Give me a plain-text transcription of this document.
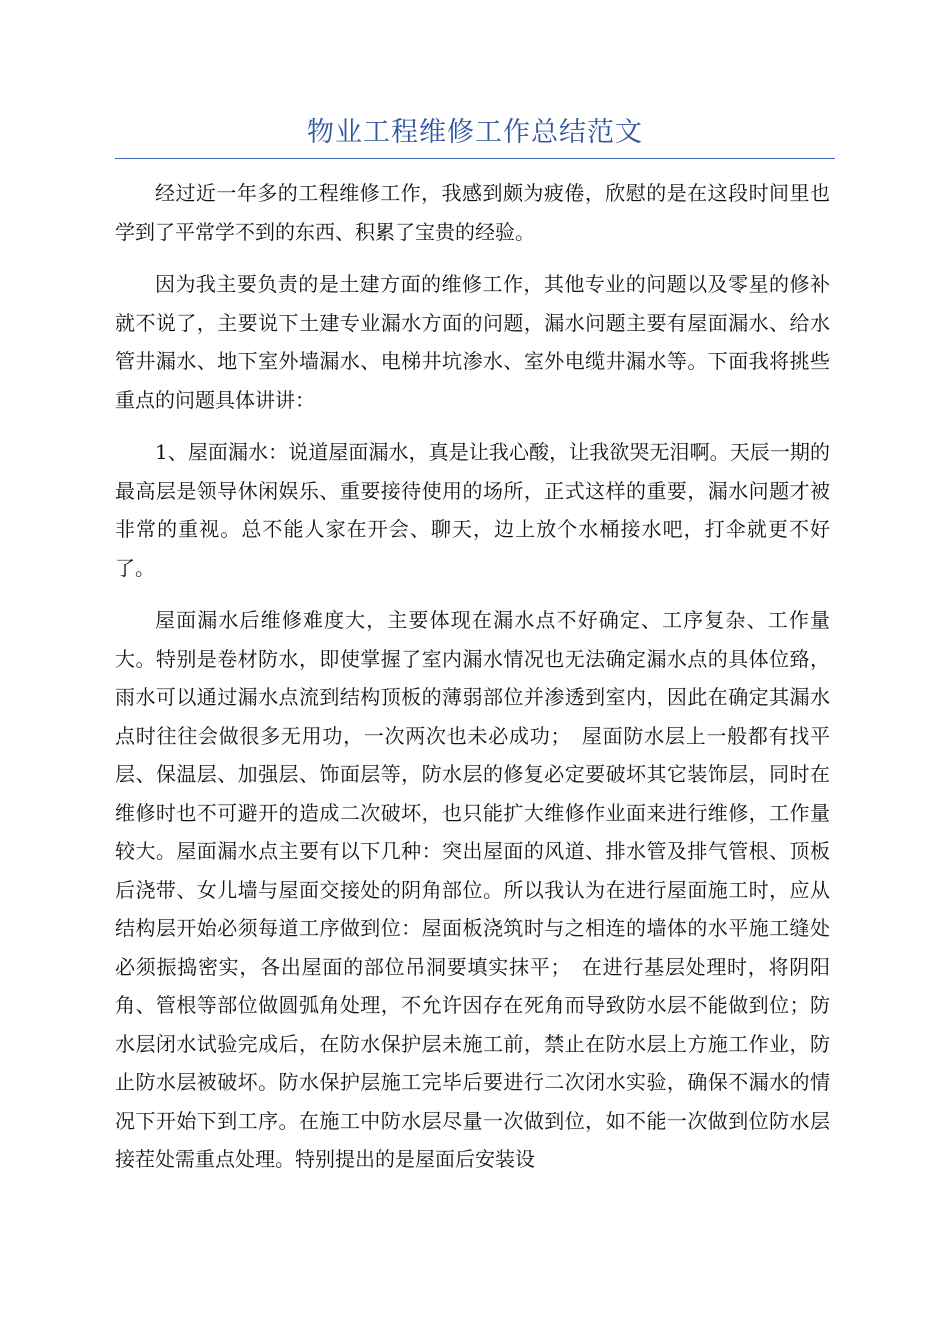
物业工程维修工作总结范文

经过近一年多的工程维修工作，我感到颇为疲倦，欣慰的是在这段时间里也学到了平常学不到的东西、积累了宝贵的经验。

因为我主要负责的是土建方面的维修工作，其他专业的问题以及零星的修补就不说了，主要说下土建专业漏水方面的问题，漏水问题主要有屋面漏水、给水管井漏水、地下室外墙漏水、电梯井坑渗水、室外电缆井漏水等。下面我将挑些重点的问题具体讲讲：

1、屋面漏水：说道屋面漏水，真是让我心酸，让我欲哭无泪啊。天辰一期的最高层是领导休闲娱乐、重要接待使用的场所，正式这样的重要，漏水问题才被非常的重视。总不能人家在开会、聊天，边上放个水桶接水吧，打伞就更不好了。

屋面漏水后维修难度大，主要体现在漏水点不好确定、工序复杂、工作量大。特别是卷材防水，即使掌握了室内漏水情况也无法确定漏水点的具体位臵，雨水可以通过漏水点流到结构顶板的薄弱部位并渗透到室内，因此在确定其漏水点时往往会做很多无用功，一次两次也未必成功；　屋面防水层上一般都有找平层、保温层、加强层、饰面层等，防水层的修复必定要破坏其它装饰层，同时在维修时也不可避开的造成二次破坏，也只能扩大维修作业面来进行维修，工作量较大。屋面漏水点主要有以下几种：突出屋面的风道、排水管及排气管根、顶板后浇带、女儿墙与屋面交接处的阴角部位。所以我认为在进行屋面施工时，应从结构层开始必须每道工序做到位：屋面板浇筑时与之相连的墙体的水平施工缝处必须振捣密实，各出屋面的部位吊洞要填实抹平；　在进行基层处理时，将阴阳角、管根等部位做圆弧角处理，不允许因存在死角而导致防水层不能做到位；防水层闭水试验完成后，在防水保护层未施工前，禁止在防水层上方施工作业，防止防水层被破坏。防水保护层施工完毕后要进行二次闭水实验，确保不漏水的情况下开始下到工序。在施工中防水层尽量一次做到位，如不能一次做到位防水层接茬处需重点处理。特别提出的是屋面后安装设
